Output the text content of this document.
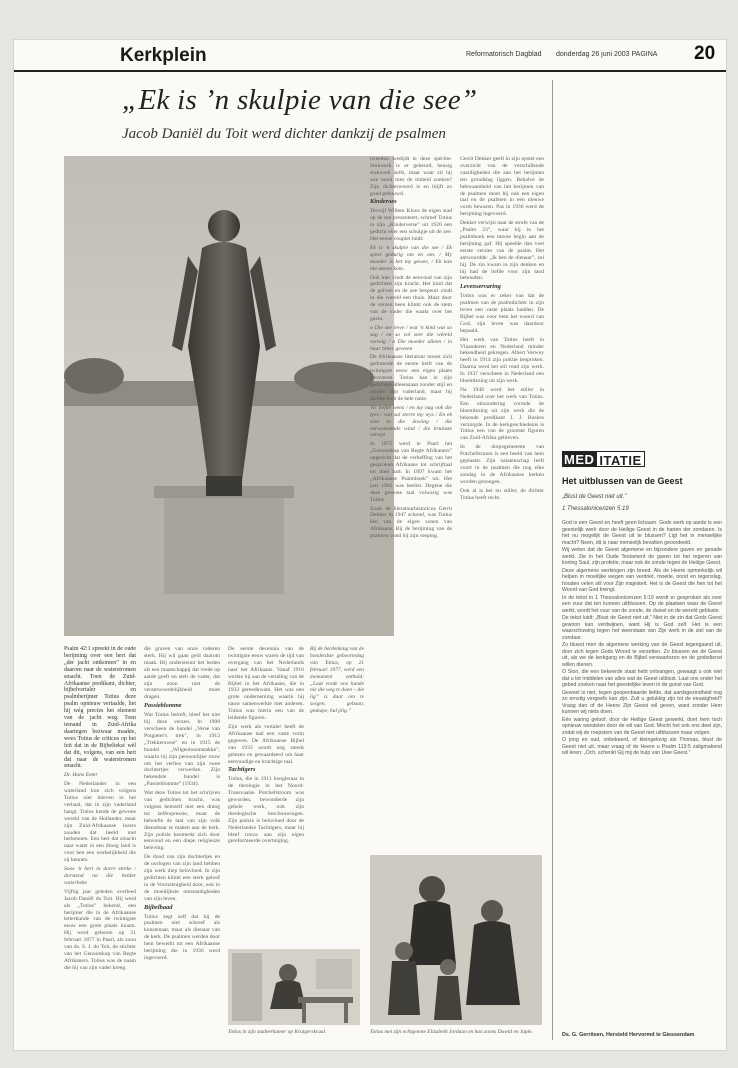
Kerkplein	Reformatorisch Dagblad donderdag 26 juni 2003 PAGINA 20
„Ek is ’n skulpie van die see”
Jacob Daniël du Toit werd dichter dankzij de psalmen

Psalm 42:1 spreekt in de oude berijming over een hert dat „der jacht ontkomen” in en daarom naar de waterstromen smacht. Toen de Zuid-Afrikaanse predikant, dichter, bijbelvertaler en psalmberijmer Totius deze psalm opnieuw vertaalde, liet hij wég precies het element van de jacht weg. Toen iemand in Zuid-Afrika daartegen bezwaar maakte, wees Totius de criticus op het feit dat in de Bijbeltekst wèl dat dit, volgens, van een hert dat naar de waterstromen smacht.

Dr. Hans Eeter

De Nederlander in een waterland kon zich volgens Totius niet inleven in het verhaal, dat in zijn vaderland hangt. Totius kende de gewone wereld van de Hollander, maar zijn Zuid-Afrikaanse lezers zouden dat beeld niet herkennen. Een hert dat smacht naar water in een droog land is voor hen een werkelijkheid die zij kennen.

Soos 'n hert in dorre streke / dorstend na die helder waterbeke

Vijftig jaar geleden overleed Jacob Daniël du Toit. Hij werd als „Totius” bekend, een berijmer die in de Afrikaanse letterkunde van de twintigste eeuw een grote plaats innam. Hij werd geboren op 21 februari 1877 in Paarl, als zoon van ds. S. J. du Toit, de stichter van het Genootskap van Regte Afrikaners. Totius was de naam die hij van zijn vader kreeg.

die graven van onze vaderen sterk. Hij wil gaan geld daarom maak. Hij ondersteunt het heden als een maatschappij dat vrede op aarde geeft en stelt de vader, dat zijn zoon niet de verantwoordelijkheid moet dragen.

Passieblomme

Wat Totius betreft, bleef het niet bij deze verzen. In 1908 verscheen de bundel „Verse van Potgieter's trek”, in 1912 „Trekkerswee” en in 1915 de bundel „Wilgenboomstakke”, waarin hij zijn persoonlijke rouw om het verlies van zijn twee dochtertjes verwerkte. Zijn bekendste bundel is „Passieblomme” (1934).

Wat deze Totius tot het schrijven van gedichten bracht, was volgens hemzelf niet een drang tot zelfexpressie, maar de behoefte de taal van zijn volk dienstbaar te maken aan de kerk. Zijn poëzie kenmerkt zich door eenvoud en een diepe religieuze beleving.

De dood van zijn dochtertjes en de oorlogen van zijn land hebben zijn werk diep beïnvloed. In zijn gedichten klinkt een sterk geloof in de Voorzienigheid door, ook in de moeilijkste omstandigheden van zijn leven.

Bijbelbaad

Totius zegt zelf dat hij de psalmen niet schreef als kunstenaar, maar als dienaar van de kerk. De psalmen werden door hem bewerkt tot een Afrikaanse berijming die in 1936 werd ingevoerd.

De eerste decennia van de twintigste eeuw waren de tijd van overgang van het Nederlands naar het Afrikaans. Vanaf 1916 werkte hij aan de vertaling van de Bijbel in het Afrikaans, die in 1933 gereedkwam. Het was een grote onderneming waarin hij nauw samenwerkte met anderen. Totius was hierin een van de leidende figuren.

Zijn werk als vertaler heeft de Afrikaanse taal een vaste vorm gegeven. De Afrikaanse Bijbel van 1933 wordt nog steeds gelezen en gewaardeerd om haar eenvoudige en krachtige taal.

Tachtigers

Totius, die in 1911 hoogleraar in de theologie in het Noord-Transvaalse Potchefstroom was geworden, bewonderde zijn gehele werk, ook zijn theologische beschouwingen. Zijn poëzie is beïnvloed door de Nederlandse Tachtigers, maar hij bleef trouw aan zijn eigen gereformeerde overtuiging.

Bij de herdenking van de honderdste geboortedag van Totius, op 21 februari 1977, werd een monument onthuld: „Laat vrede ons hande nie die weg te doen – die lig” is daar om te sorgen, gebaan, geskape, hul plig.”

tweeduo wedijdt te deze spéchte. Stukwerk is er gebeurd, heusig stukwerk zelfs, maar waar zit hij wie nooit mes de tinheid zoeken? Zijn dichterwoord is en blijft zo goed gebouwd.

Kinderoes

Terwijl Willem Kloos de eigen stad op de zee prezenteert, schreef Totius in zijn „Kinderverse” uit 1920 een gedicht over een schulpje uit de zee. Het eerste couplet luidt:

Ek is 'n skulpie van die see / Ek speel gedurig om en om. / My moeder is het my gewee, / Ek kan nie-doene kom.

Ook hier vindt de eenvoud van zijn gedichten zijn kracht. Het kind dat de golven en de zee bespeurt vindt in die wereld een thuis. Maar door de verzen heen klinkt ook de stem van de vader die waakt over het gezin.

o Die see lewe / wat 'n kind wat so sag / en so vol seer die wêreld vertolg / o Die moeder alleen / in haar bitter geween

De Afrikaanse literatuur moest zich gedurende de eerste helft van de twintigste eeuw een eigen plaats veroveren. Totius kan in zijn gedichten alleenstaan zonder stijl en zonder zijn vaderland, maar hij dichtte toch de hele natie.

Vir liefde wens / en my nag ook die lyes / wat sal sterre my wys / En ek sien in die dowing / die verwoestende wind / die bruinste verwyt

In 1875 werd te Paarl het „Genootskap van Regte Afrikaners” opgericht dat de verheffing van het gesproken Afrikaans tot schrijftaal tot doel had. In 1897 kwam het „Afrikaanse Psalmboek” uit. Het jaar 1905 was beslist. Degene die deze gewone taal volwarig was Totius.

Zoals de literatuurhistoricus Gerrit Dekker in 1947 schreef, was Totius één van de eigen zonen van Afrikaans. Bij de berijming van de psalmen vond hij zijn roeping.

Gerrit Dekker geeft in zijn opstel een overzicht van de verschillende vaardigheden die aan het berijmen ten grondslag liggen. Behalve de bekwaamheid van het berijmen van de psalmen moet hij ook een eigen taal en de psalmen in een nieuwe vorm bewaren. Pas in 1936 werd de berijming ingevoerd.

Dekker verwijst naar de strofe van de „Psalm 23”, waar hij in het psalmboek een mooie begin aan de berijming gaf. Hij speelde dan veel eerste versies van de psalm. Het antwoordde: „Ik ben de dienaar”, zei hij. De zin kwam in zijn denken en hij had de liefde voor zijn land behouden.

Levenservaring

Totius was er zeker van dat de psalmen van de psalmdichter in zijn leven een vaste plaats hadden. De Bijbel was voor hem het woord van God, zijn leven was daardoor bepaald.

Het werk van Totius heeft in Vlaanderen en Nederland minder bekendheid gekregen. Albert Verwey heeft in 1914 zijn poëzie besproken. Daarna werd het stil rond zijn werk. In 1937 verscheen in Nederland een bloemlezing uit zijn werk.

Na 1948 werd het stiller in Nederland over het werk van Totius. Een uitzondering vormde de bloemlezing uit zijn werk die de bekende predikant J. J. Buskes verzorgde. In de kerkgeschiedenis is Totius een van de grootste figuren van Zuid-Afrika gebleven.

In de dorpsgemeente van Potchefstroom is een beeld van hem geplaatst. Zijn nalatenschap leeft voort in de psalmen die nog elke zondag in de Afrikaanse kerken worden gezongen.

Ook al is het nu stiller, de dichter Totius heeft recht.

Totius in zijn studeerkamer op Kruigerskraal.	Totius met zijn echtgenote Elizabeth Jordaan en hun zoons Dawid en Japie.
MED ITATIE
Het uitblussen van de Geest
„Blust de Geest niet uit.”
1 Thessalonicenzen 5:19

God is een Geest en heeft geen lichaam. Gods werk op aarde is een geestelijk werk door de Heilige Geest in de harten der zondaren. Is het nu mogelijk de Geest uit te blussen? Ligt het in menselijke macht? Neen, dit is naar menselijk bevatten geoordeeld.

Wij weten dat de Geest algemene en bijzondere gaven en genade werkt. Zie in het Oude Testament de gaven tot het regeren van koning Saul, zijn profetie, maar ook de zonde tegen de Heilige Geest.

Deze algemene werkingen zijn breed. Als de Heere opmerkelijk wil helpen in moeilijke wegen van verdriet, moeite, nood en tegenslag, houden velen stil voor Zijn majesteit. Het is de Geest die hen tot het Woord van God brengt.

In de tekst in 1 Thessalonicenzen 5:19 wordt er gesproken als over een vuur dat ten kunnen uitblussen. Op de plaatsen waar de Geest werkt, wordt het vuur van de zonde, de duivel en de wereld gebluste.

De tekst luidt: „Blust de Geest niet uit.” Niet in de zin dat Gods Geest gewoon kan verdwijnen, want Hij is God zelf. Het is een waarschuwing tegen het weerstaan van Zijn werk in de ziel van de zondaar.

Zo bluest men de algemene werking van de Geest tegengaand uit, door zich tegen Gods Woord te verzetten. Zo blussen we de Geest uit, als we de kerkgang en de Bijbel verwaarlozen en de godsdienst willen dienen.

O Sion, die een bekeerde staat hebt ontvangen, gewaagt u ook niet dat u tot middelen van alles wat de Geest uitblust. Laat ons onder het gebed zoeken naar het geestelijke leven in de gunst van God.

Gewoel is niet, tegen geopenbaarde liefde, dat aardsgezindheid nog zo ernstig vergeefs kan zijn. Zult u gelukkig zijn tot de eeuwigheid? Vraag dan of de Heere Zijn Geest wil geven, want zonder Hem kunnen wij niets doen.

Eén waring geloof, door de Heilige Geest gewerkt, doet hem toch opnieuw wandelen door de wil van God. Mocht het ook ons deel zijn, zodat wij de roepstem van de Geest niet uitblussen maar volgen.

O jong en oud, onbekeerd, of kleingelovig als Thomas, blust de Geest niet uit, maar vraag of de Heere u Psalm 119:5 zaligmakend wil leren: „Och, schenkt Gij mij de hulp van Uwe Geest.”

Ds. G. Gerritsen, Hersteld Hervormd te Giessendam
